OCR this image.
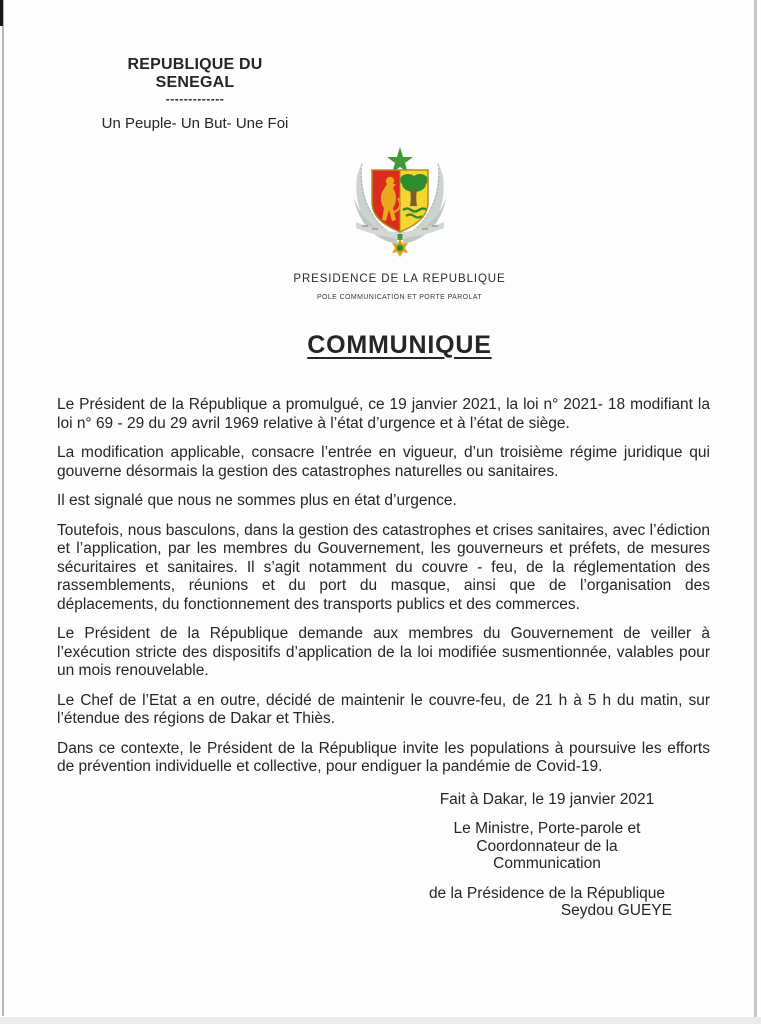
REPUBLIQUE DU SENEGAL
-------------
Un Peuple- Un But- Une Foi
PRESIDENCE DE LA REPUBLIQUE
POLE COMMUNICATION ET PORTE PAROLAT
COMMUNIQUE

Le Président de la République a promulgué, ce 19 janvier 2021, la loi n° 2021- 18 modifiant la loi n° 69 - 29 du 29 avril 1969 relative à l’état d’urgence et à l’état de siège.

La modification applicable, consacre l’entrée en vigueur, d’un troisième régime juridique qui gouverne désormais la gestion des catastrophes naturelles ou sanitaires.

Il est signalé que nous ne sommes plus en état d’urgence.

Toutefois, nous basculons, dans la gestion des catastrophes et crises sanitaires, avec l’édiction et l’application, par les membres du Gouvernement, les gouverneurs et préfets, de mesures sécuritaires et sanitaires. Il s’agit notamment du couvre - feu, de la réglementation des rassemblements, réunions et du port du masque, ainsi que de l’organisation des déplacements, du fonctionnement des transports publics et des commerces.

Le Président de la République demande aux membres du Gouvernement de veiller à l’exécution stricte des dispositifs d’application de la loi modifiée susmentionnée, valables pour un mois renouvelable.

Le Chef de l’Etat a en outre, décidé de maintenir le couvre-feu, de 21 h à 5 h du matin, sur l’étendue des régions de Dakar et Thiès.

Dans ce contexte, le Président de la République invite les populations à poursuive les efforts de prévention individuelle et collective, pour endiguer la pandémie de Covid-19.

Fait à Dakar, le 19 janvier 2021
Le Ministre, Porte-parole et
Coordonnateur de la Communication
de la Présidence de la République
Seydou GUEYE
